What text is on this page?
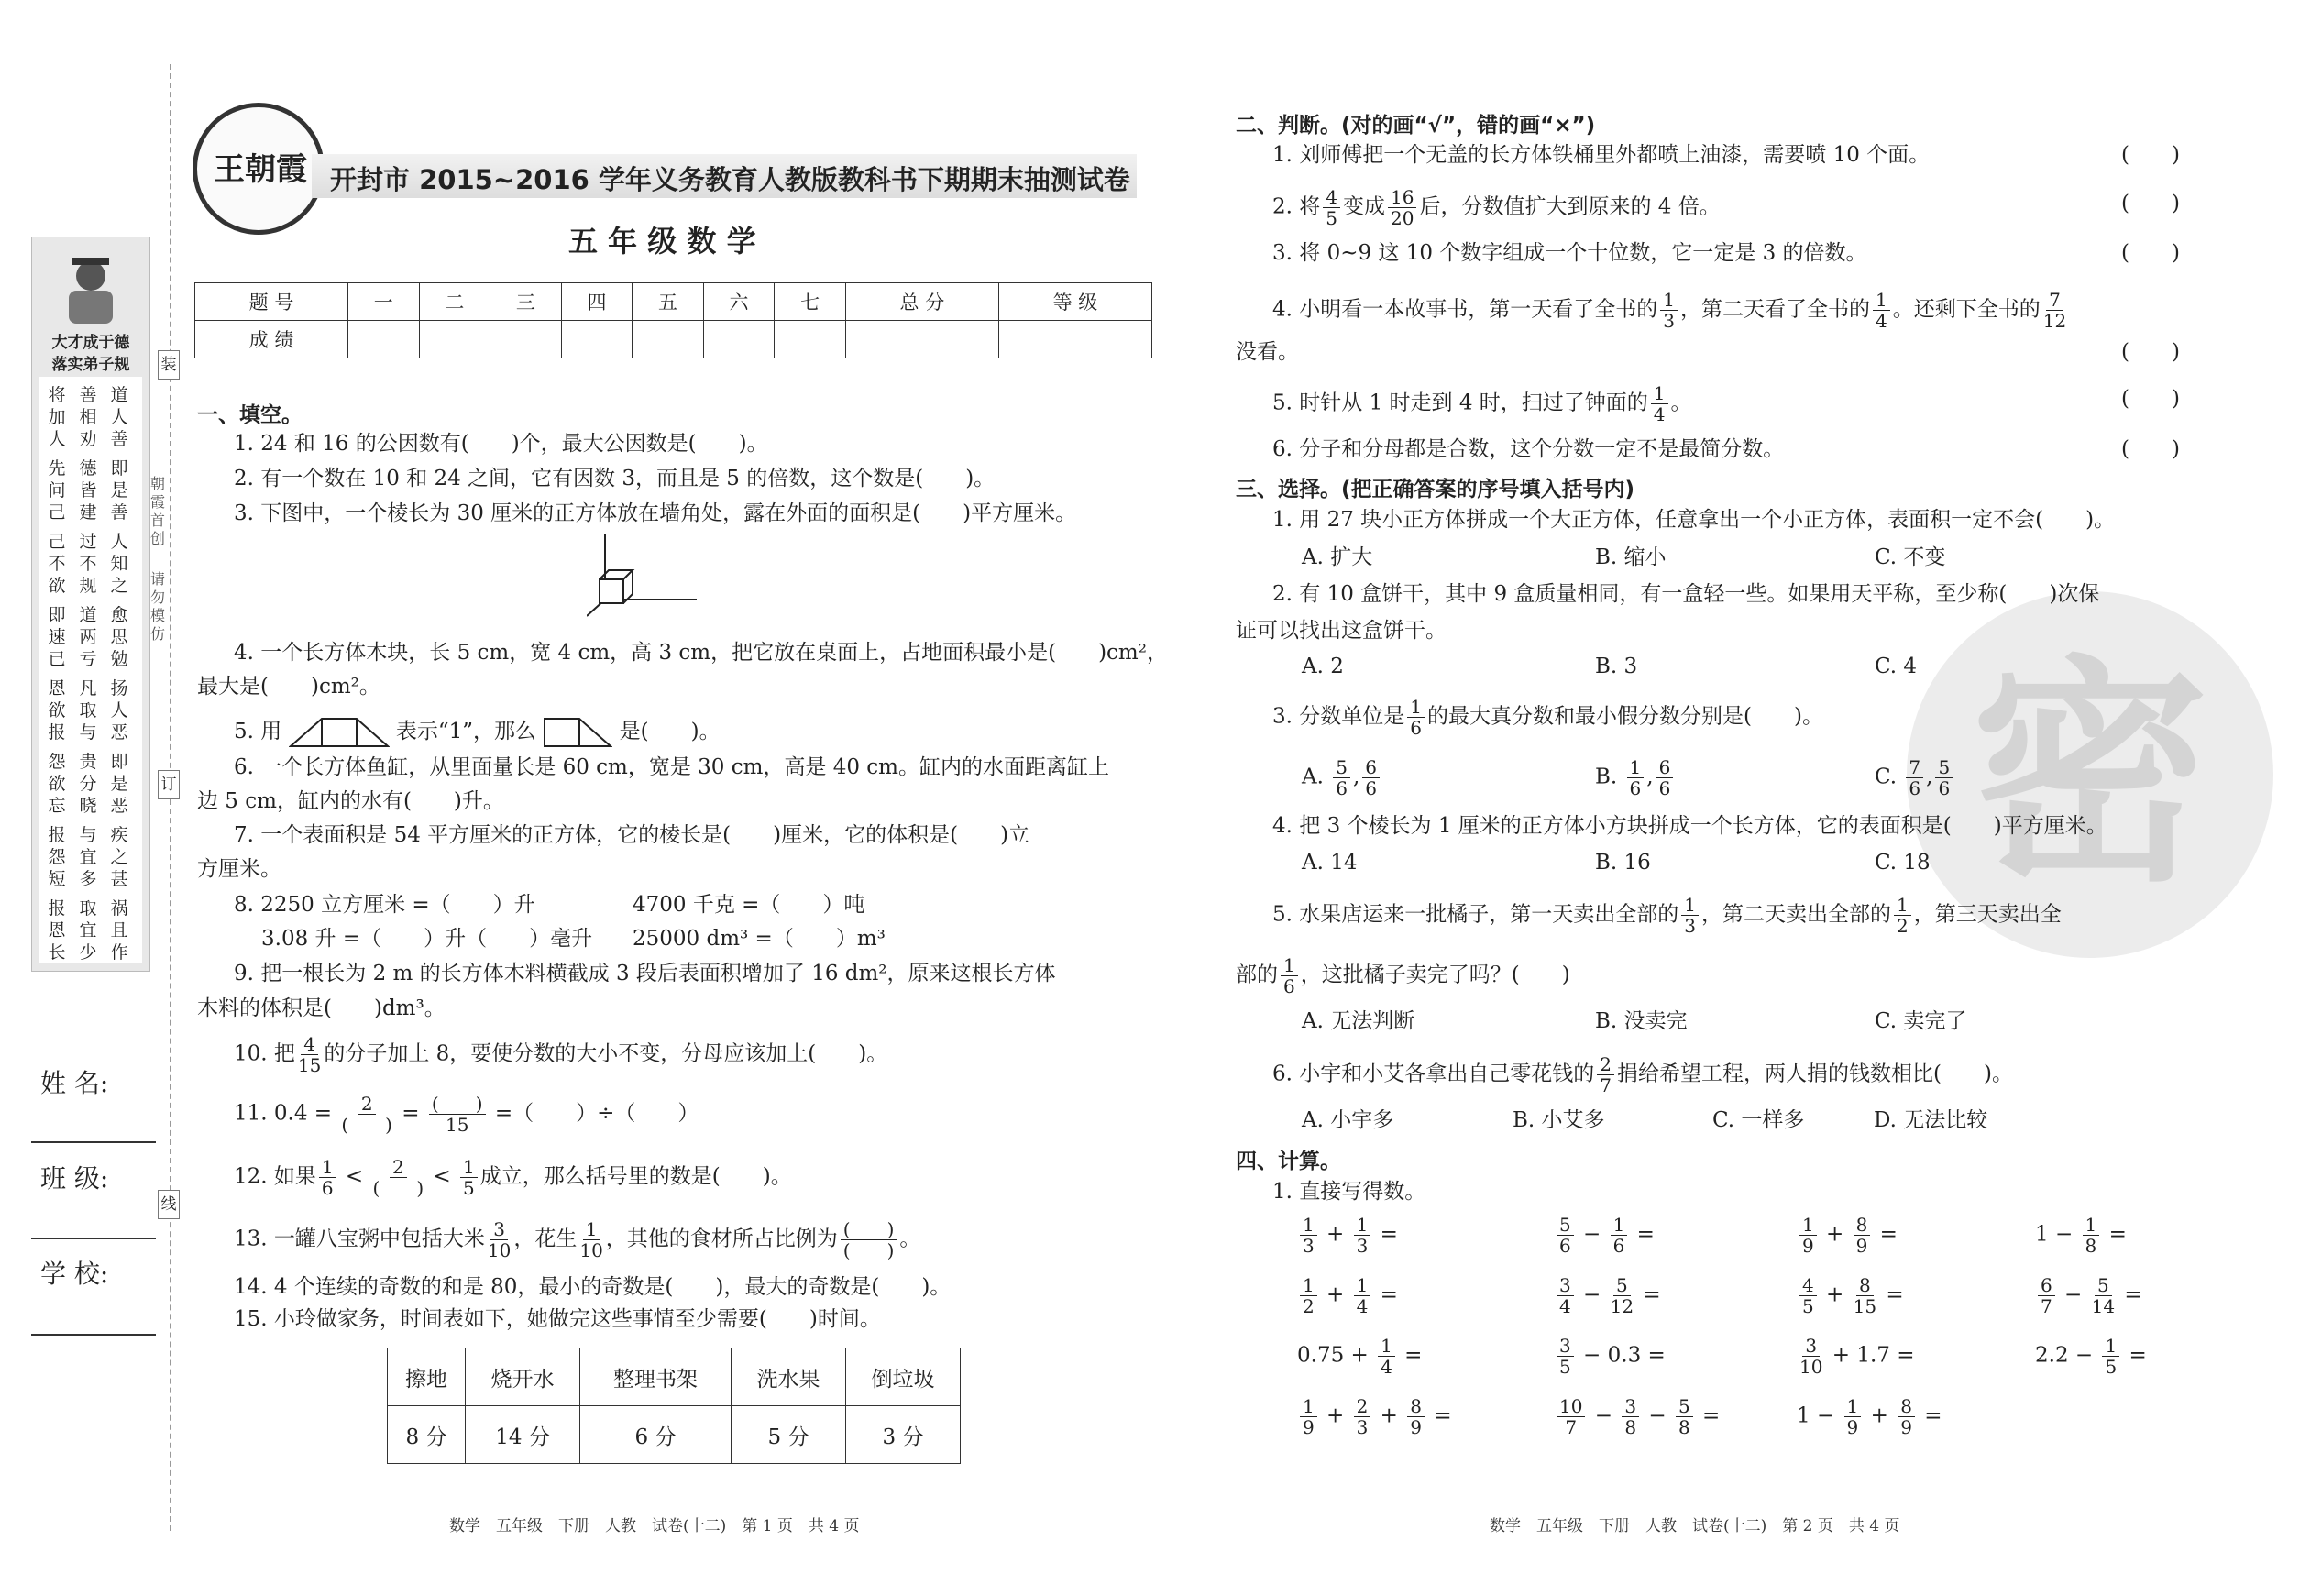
装
订
线
朝霞首创
请勿模仿
大才成于德
落实弟子规
将加人
善相劝
道人善
先问己
德皆建
即是善
己不欲
过不规
人知之
即速已
道两亏
愈思勉
恩欲报
凡取与
扬人恶
怨欲忘
贵分晓
即是恶
报怨短
与宜多
疾之甚
报恩长
取宜少
祸且作
姓 名:
班 级:
学 校:
王朝霞 开封市 2015~2016 学年义务教育人教版教科书下期期末抽测试卷
五 年 级 数 学
题 号	一	二	三	四	五	六	七	总 分	等 级
成 绩									
一、填空。
1. 24 和 16 的公因数有(　　)个，最大公因数是(　　)。
2. 有一个数在 10 和 24 之间，它有因数 3，而且是 5 的倍数，这个数是(　　)。
3. 下图中，一个棱长为 30 厘米的正方体放在墙角处，露在外面的面积是(　　)平方厘米。
4. 一个长方体木块，长 5 cm，宽 4 cm，高 3 cm，把它放在桌面上，占地面积最小是(　　)cm²，
最大是(　　)cm²。
5. 用	表示“1”，那么	是(　　)。
6. 一个长方体鱼缸，从里面量长是 60 cm，宽是 30 cm，高是 40 cm。缸内的水面距离缸上
边 5 cm，缸内的水有(　　)升。
7. 一个表面积是 54 平方厘米的正方体，它的棱长是(　　)厘米，它的体积是(　　)立
方厘米。
8. 2250 立方厘米 =（　　）升	4700 千克 =（　　）吨
3.08 升 =（　　）升（　　）毫升 25000 dm³ =（　　）m³
9. 把一根长为 2 m 的长方体木料横截成 3 段后表面积增加了 16 dm²，原来这根长方体
木料的体积是(　　)dm³。
10. 把 $\frac{4}{15}$ 的分子加上 8，要使分数的大小不变，分母应该加上(　　)。
11. $0.4 = \frac{2}{( )} = \frac{( )}{15}$ =（　　）÷（　　）
12. 如果 $\frac{1}{6} < \frac{2}{( )} < \frac{1}{5}$ 成立，那么括号里的数是(　　)。
13. 一罐八宝粥中包括大米 $\frac{3}{10}$ ，花生 $\frac{1}{10}$ ，其他的食材所占比例为 $\frac{( )}{( )}$ 。
14. 4 个连续的奇数的和是 80，最小的奇数是(　　)，最大的奇数是(　　)。
15. 小玲做家务，时间表如下，她做完这些事情至少需要(　　)时间。
擦地	烧开水	整理书架	洗水果	倒垃圾
8 分	14 分	6 分	5 分	3 分
数学　五年级　下册　人教　试卷(十二)　第 1 页　共 4 页
密
二、判断。(对的画“√”，错的画“×”)
1. 刘师傅把一个无盖的长方体铁桶里外都喷上油漆，需要喷 10 个面。	(　　)
2. 将 $\frac{4}{5}$ 变成 $\frac{16}{20}$ 后，分数值扩大到原来的 4 倍。	(　　)
3. 将 0~9 这 10 个数字组成一个十位数，它一定是 3 的倍数。	(　　)
4. 小明看一本故事书，第一天看了全书的 $\frac{1}{3}$ ，第二天看了全书的 $\frac{1}{4}$ 。还剩下全书的 $\frac{7}{12}$
没看。	(　　)
5. 时针从 1 时走到 4 时，扫过了钟面的 $\frac{1}{4}$ 。	(　　)
6. 分子和分母都是合数，这个分数一定不是最简分数。	(　　)
三、选择。(把正确答案的序号填入括号内)
1. 用 27 块小正方体拼成一个大正方体，任意拿出一个小正方体，表面积一定不会(　　)。
A. 扩大	B. 缩小	C. 不变
2. 有 10 盒饼干，其中 9 盒质量相同，有一盒轻一些。如果用天平称，至少称(　　)次保
证可以找出这盒饼干。
A. 2	B. 3	C. 4
3. 分数单位是 $\frac{1}{6}$ 的最大真分数和最小假分数分别是(　　)。
A. $\frac{5}{6}$ , $\frac{6}{6}$	B. $\frac{1}{6}$ , $\frac{6}{6}$	C. $\frac{7}{6}$ , $\frac{5}{6}$
4. 把 3 个棱长为 1 厘米的正方体小方块拼成一个长方体，它的表面积是(　　)平方厘米。
A. 14	B. 16	C. 18
5. 水果店运来一批橘子，第一天卖出全部的 $\frac{1}{3}$ ，第二天卖出全部的 $\frac{1}{2}$ ，第三天卖出全
部的 $\frac{1}{6}$ ，这批橘子卖完了吗？(　　)
A. 无法判断	B. 没卖完	C. 卖完了
6. 小宇和小艾各拿出自己零花钱的 $\frac{2}{7}$ 捐给希望工程，两人捐的钱数相比(　　)。
A. 小宇多	B. 小艾多	C. 一样多	D. 无法比较
四、计算。
1. 直接写得数。
$\frac{1}{3} + \frac{1}{3}$ =	$\frac{5}{6} - \frac{1}{6}$ =	$\frac{1}{9} + \frac{8}{9}$ =	$1 - \frac{1}{8}$ =
$\frac{1}{2} + \frac{1}{4}$ =	$\frac{3}{4} - \frac{5}{12}$ =	$\frac{4}{5} + \frac{8}{15}$ =	$\frac{6}{7} - \frac{5}{14}$ =
$0.75 + \frac{1}{4}$ =	$\frac{3}{5} - 0.3$ =	$\frac{3}{10} + 1.7$ =	$2.2 - \frac{1}{5}$ =
$\frac{1}{9} + \frac{2}{3} + \frac{8}{9}$ =	$\frac{10}{7} - \frac{3}{8} - \frac{5}{8}$ =	$1 - \frac{1}{9} + \frac{8}{9}$ =
数学　五年级　下册　人教　试卷(十二)　第 2 页　共 4 页
